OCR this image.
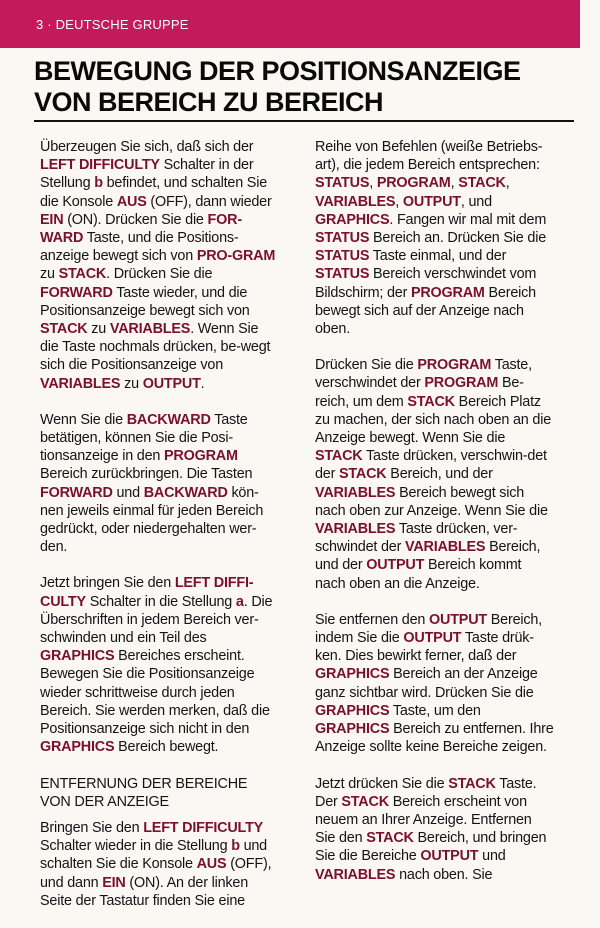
3 · DEUTSCHE GRUPPE
BEWEGUNG DER POSITIONSANZEIGE
VON BEREICH ZU BEREICH

Überzeugen Sie sich, daß sich der LEFT DIFFICULTY Schalter in der Stellung b befindet, und schalten Sie die Konsole AUS (OFF), dann wieder EIN (ON). Drücken Sie die FOR-WARD Taste, und die Positions-anzeige bewegt sich von PRO-GRAM zu STACK. Drücken Sie die FORWARD Taste wieder, und die Positionsanzeige bewegt sich von STACK zu VARIABLES. Wenn Sie die Taste nochmals drücken, be-wegt sich die Positionsanzeige von VARIABLES zu OUTPUT.

Wenn Sie die BACKWARD Taste betätigen, können Sie die Posi-tionsanzeige in den PROGRAM Bereich zurückbringen. Die Tasten FORWARD und BACKWARD kön-nen jeweils einmal für jeden Bereich gedrückt, oder niedergehalten wer-den.

Jetzt bringen Sie den LEFT DIFFI-CULTY Schalter in die Stellung a. Die Überschriften in jedem Bereich ver-schwinden und ein Teil des GRAPHICS Bereiches erscheint. Bewegen Sie die Positionsanzeige wieder schrittweise durch jeden Bereich. Sie werden merken, daß die Positionsanzeige sich nicht in den GRAPHICS Bereich bewegt.

ENTFERNUNG DER BEREICHE
VON DER ANZEIGE

Bringen Sie den LEFT DIFFICULTY Schalter wieder in die Stellung b und schalten Sie die Konsole AUS (OFF), und dann EIN (ON). An der linken Seite der Tastatur finden Sie eine

Reihe von Befehlen (weiße Betriebs-art), die jedem Bereich entsprechen: STATUS, PROGRAM, STACK, VARIABLES, OUTPUT, und GRAPHICS. Fangen wir mal mit dem STATUS Bereich an. Drücken Sie die STATUS Taste einmal, und der STATUS Bereich verschwindet vom Bildschirm; der PROGRAM Bereich bewegt sich auf der Anzeige nach oben.

Drücken Sie die PROGRAM Taste, verschwindet der PROGRAM Be-reich, um dem STACK Bereich Platz zu machen, der sich nach oben an die Anzeige bewegt. Wenn Sie die STACK Taste drücken, verschwin-det der STACK Bereich, und der VARIABLES Bereich bewegt sich nach oben zur Anzeige. Wenn Sie die VARIABLES Taste drücken, ver-schwindet der VARIABLES Bereich, und der OUTPUT Bereich kommt nach oben an die Anzeige.

Sie entfernen den OUTPUT Bereich, indem Sie die OUTPUT Taste drük-ken. Dies bewirkt ferner, daß der GRAPHICS Bereich an der Anzeige ganz sichtbar wird. Drücken Sie die GRAPHICS Taste, um den GRAPHICS Bereich zu entfernen. Ihre Anzeige sollte keine Bereiche zeigen.

Jetzt drücken Sie die STACK Taste. Der STACK Bereich erscheint von neuem an Ihrer Anzeige. Entfernen Sie den STACK Bereich, und bringen Sie die Bereiche OUTPUT und VARIABLES nach oben. Sie
